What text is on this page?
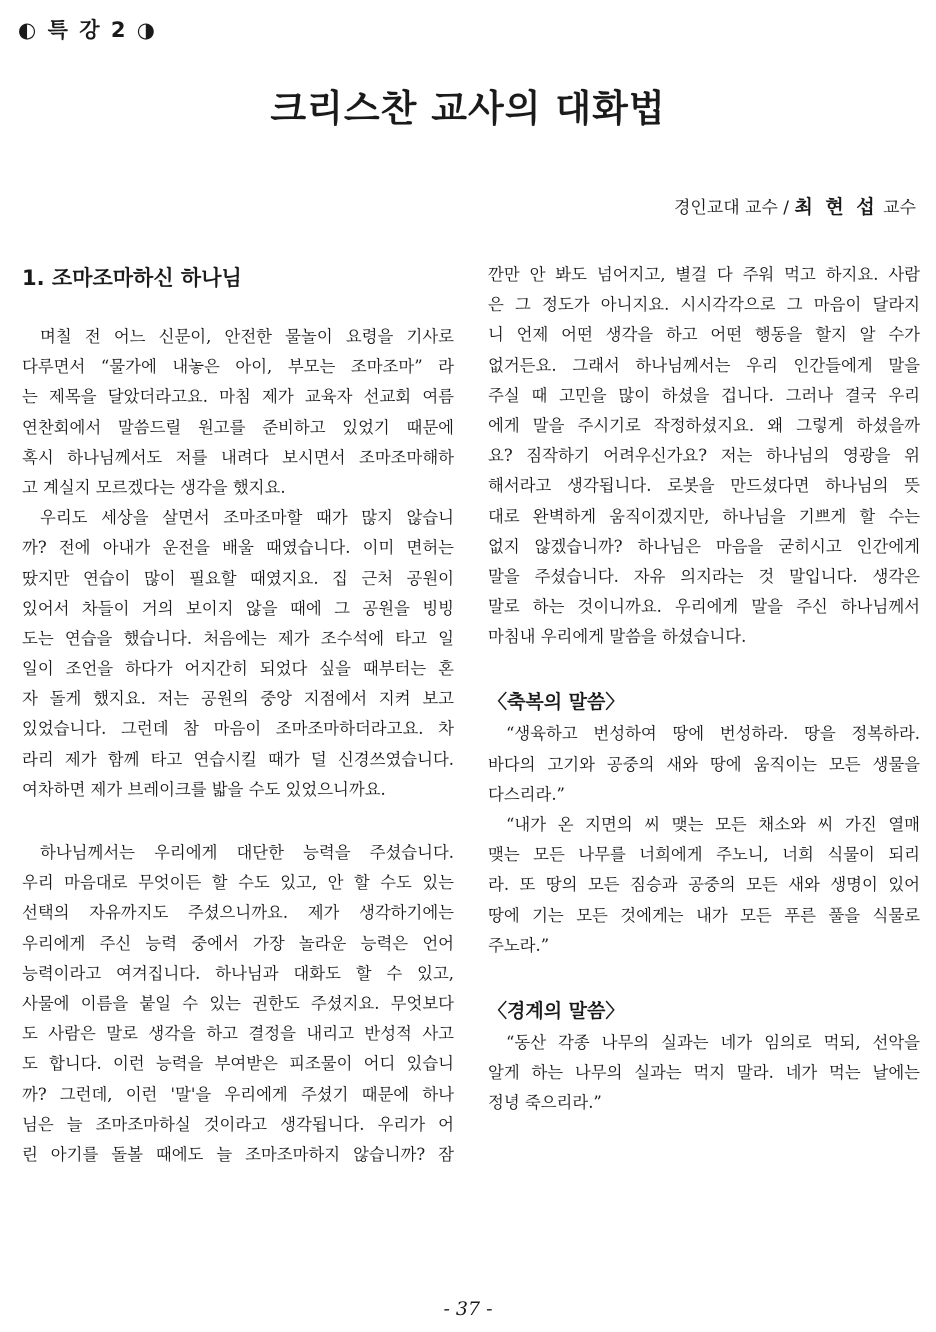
◐ 특 강 2 ◑
크리스찬 교사의 대화법
경인교대 교수 / 최 현 섭 교수
1. 조마조마하신 하나님
며칠 전 어느 신문이, 안전한 물놀이 요령을 기사로
다루면서 “물가에 내놓은 아이, 부모는 조마조마” 라
는 제목을 달았더라고요. 마침 제가 교육자 선교회 여름
연찬회에서 말씀드릴 원고를 준비하고 있었기 때문에
혹시 하나님께서도 저를 내려다 보시면서 조마조마해하
고 계실지 모르겠다는 생각을 했지요.
우리도 세상을 살면서 조마조마할 때가 많지 않습니
까? 전에 아내가 운전을 배울 때였습니다. 이미 면허는
땄지만 연습이 많이 필요할 때였지요. 집 근처 공원이
있어서 차들이 거의 보이지 않을 때에 그 공원을 빙빙
도는 연습을 했습니다. 처음에는 제가 조수석에 타고 일
일이 조언을 하다가 어지간히 되었다 싶을 때부터는 혼
자 돌게 했지요. 저는 공원의 중앙 지점에서 지켜 보고
있었습니다. 그런데 참 마음이 조마조마하더라고요. 차
라리 제가 함께 타고 연습시킬 때가 덜 신경쓰였습니다.
여차하면 제가 브레이크를 밟을 수도 있었으니까요.
하나님께서는 우리에게 대단한 능력을 주셨습니다.
우리 마음대로 무엇이든 할 수도 있고, 안 할 수도 있는
선택의 자유까지도 주셨으니까요. 제가 생각하기에는
우리에게 주신 능력 중에서 가장 놀라운 능력은 언어
능력이라고 여겨집니다. 하나님과 대화도 할 수 있고,
사물에 이름을 붙일 수 있는 권한도 주셨지요. 무엇보다
도 사람은 말로 생각을 하고 결정을 내리고 반성적 사고
도 합니다. 이런 능력을 부여받은 피조물이 어디 있습니
까? 그런데, 이런 '말'을 우리에게 주셨기 때문에 하나
님은 늘 조마조마하실 것이라고 생각됩니다. 우리가 어
린 아기를 돌볼 때에도 늘 조마조마하지 않습니까? 잠
깐만 안 봐도 넘어지고, 별걸 다 주워 먹고 하지요. 사람
은 그 정도가 아니지요. 시시각각으로 그 마음이 달라지
니 언제 어떤 생각을 하고 어떤 행동을 할지 알 수가
없거든요. 그래서 하나님께서는 우리 인간들에게 말을
주실 때 고민을 많이 하셨을 겁니다. 그러나 결국 우리
에게 말을 주시기로 작정하셨지요. 왜 그렇게 하셨을까
요? 짐작하기 어려우신가요? 저는 하나님의 영광을 위
해서라고 생각됩니다. 로봇을 만드셨다면 하나님의 뜻
대로 완벽하게 움직이겠지만, 하나님을 기쁘게 할 수는
없지 않겠습니까? 하나님은 마음을 굳히시고 인간에게
말을 주셨습니다. 자유 의지라는 것 말입니다. 생각은
말로 하는 것이니까요. 우리에게 말을 주신 하나님께서
마침내 우리에게 말씀을 하셨습니다.
〈축복의 말씀〉
“생육하고 번성하여 땅에 번성하라. 땅을 정복하라.
바다의 고기와 공중의 새와 땅에 움직이는 모든 생물을
다스리라.”
“내가 온 지면의 씨 맺는 모든 채소와 씨 가진 열매
맺는 모든 나무를 너희에게 주노니, 너희 식물이 되리
라. 또 땅의 모든 짐승과 공중의 모든 새와 생명이 있어
땅에 기는 모든 것에게는 내가 모든 푸른 풀을 식물로
주노라.”
〈경계의 말씀〉
“동산 각종 나무의 실과는 네가 임의로 먹되, 선악을
알게 하는 나무의 실과는 먹지 말라. 네가 먹는 날에는
정녕 죽으리라.”
- 37 -
